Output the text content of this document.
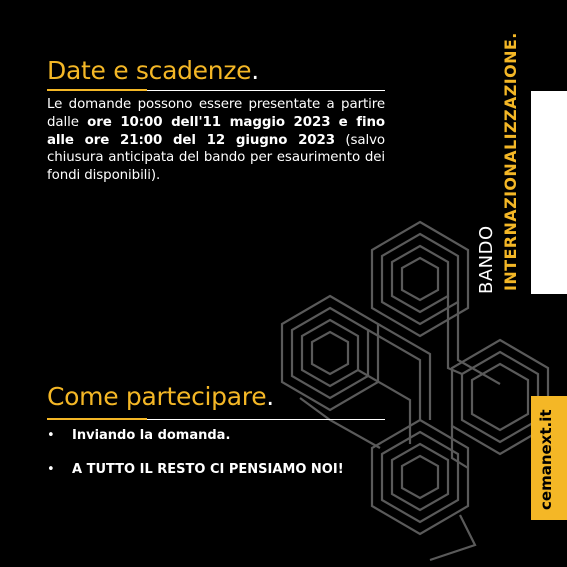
BANDO INTERNAZIONALIZZAZIONE.
cemanext.it
Date e scadenze.

Le domande possono essere presentate a partire dalle ore 10:00 dell'11 maggio 2023 e fino alle ore 21:00 del 12 giugno 2023 (salvo chiusura anticipata del bando per esaurimento dei fondi disponibili).

Come partecipare.
• Inviando la domanda.
• A TUTTO IL RESTO CI PENSIAMO NOI!
